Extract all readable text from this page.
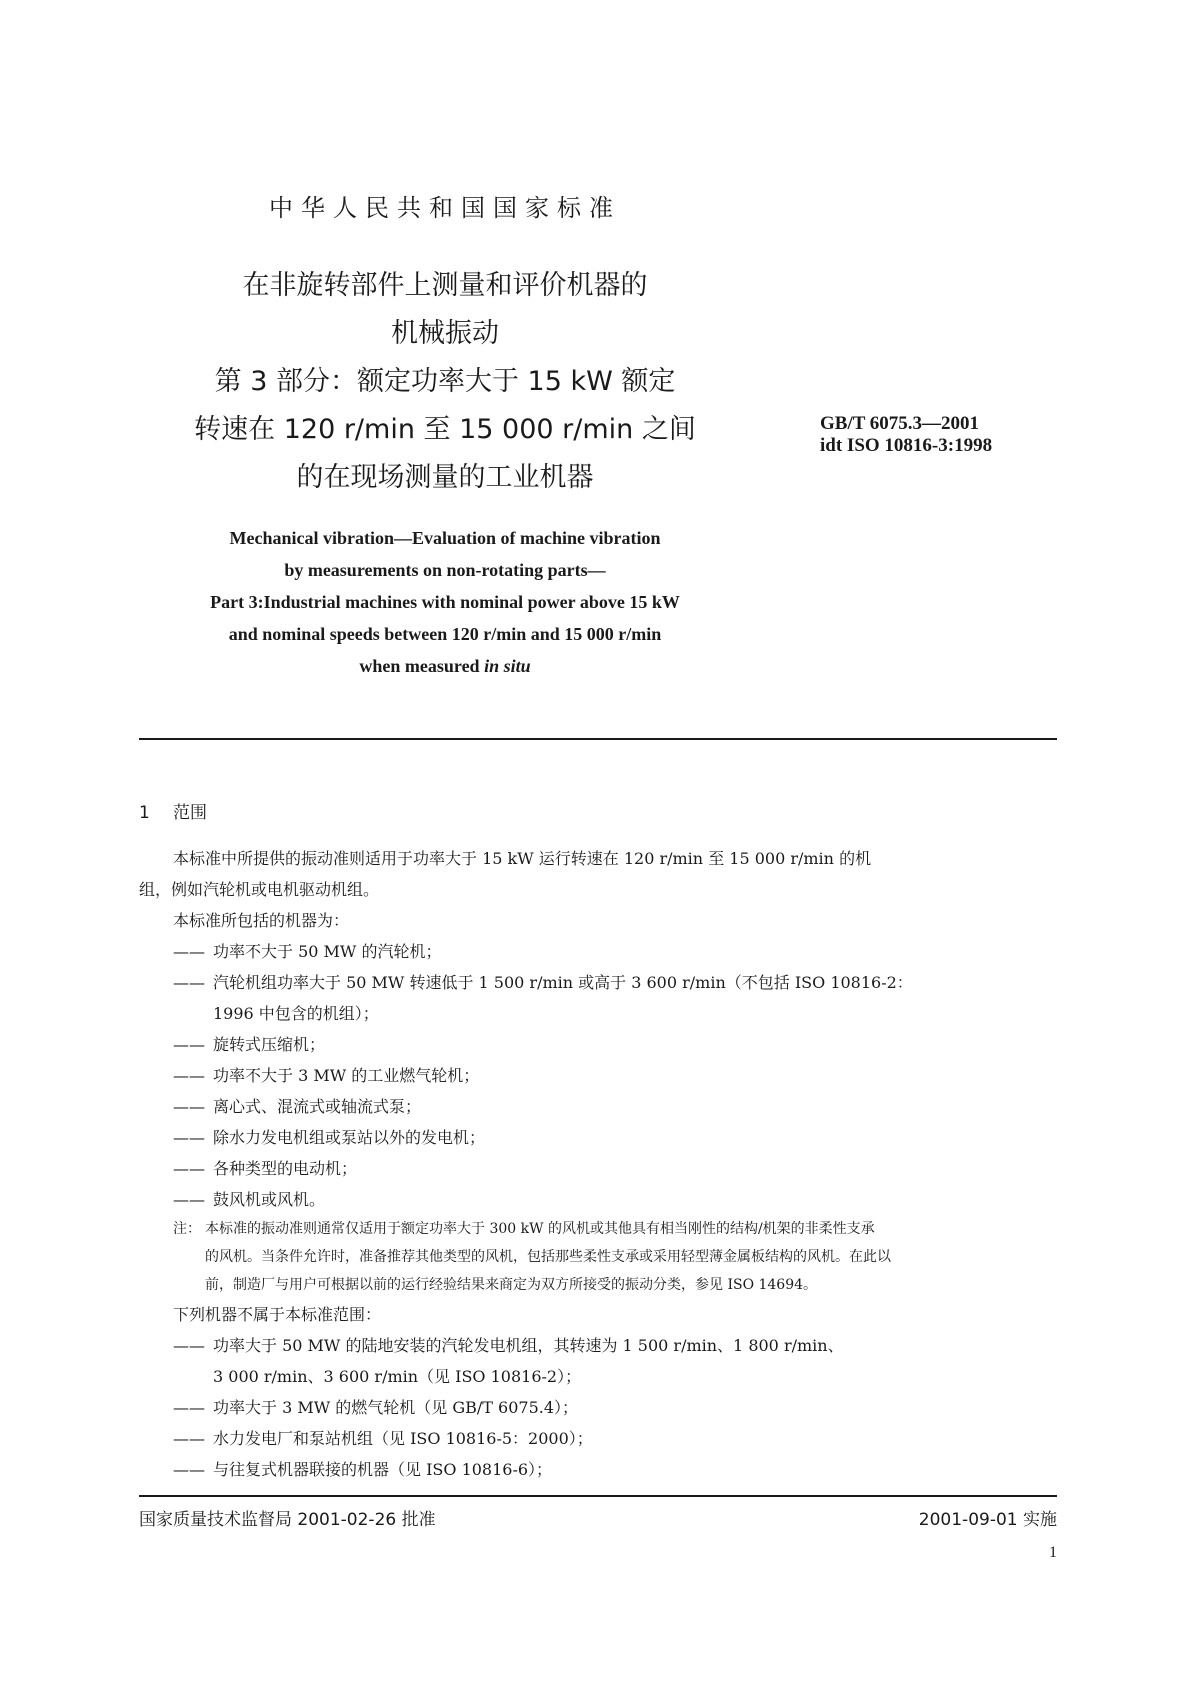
中华人民共和国国家标准
在非旋转部件上测量和评价机器的
机械振动
第 3 部分：额定功率大于 15 kW 额定
转速在 120 r/min 至 15 000 r/min 之间
的在现场测量的工业机器
GB/T 6075.3—2001
idt ISO 10816-3:1998
Mechanical vibration—Evaluation of machine vibration
by measurements on non-rotating parts—
Part 3:Industrial machines with nominal power above 15 kW
and nominal speeds between 120 r/min and 15 000 r/min
when measured in situ
1 范围
本标准中所提供的振动准则适用于功率大于 15 kW 运行转速在 120 r/min 至 15 000 r/min 的机
组，例如汽轮机或电机驱动机组。
本标准所包括的机器为：
—— 功率不大于 50 MW 的汽轮机；
—— 汽轮机组功率大于 50 MW 转速低于 1 500 r/min 或高于 3 600 r/min（不包括 ISO 10816-2：
1996 中包含的机组）；
—— 旋转式压缩机；
—— 功率不大于 3 MW 的工业燃气轮机；
—— 离心式、混流式或轴流式泵；
—— 除水力发电机组或泵站以外的发电机；
—— 各种类型的电动机；
—— 鼓风机或风机。
注： 本标准的振动准则通常仅适用于额定功率大于 300 kW 的风机或其他具有相当刚性的结构/机架的非柔性支承
的风机。当条件允许时，准备推荐其他类型的风机，包括那些柔性支承或采用轻型薄金属板结构的风机。在此以
前，制造厂与用户可根据以前的运行经验结果来商定为双方所接受的振动分类，参见 ISO 14694。
下列机器不属于本标准范围：
—— 功率大于 50 MW 的陆地安装的汽轮发电机组，其转速为 1 500 r/min、1 800 r/min、
3 000 r/min、3 600 r/min（见 ISO 10816-2）；
—— 功率大于 3 MW 的燃气轮机（见 GB/T 6075.4）；
—— 水力发电厂和泵站机组（见 ISO 10816-5：2000）；
—— 与往复式机器联接的机器（见 ISO 10816-6）；
国家质量技术监督局 2001-02-26 批准	2001-09-01 实施
1
